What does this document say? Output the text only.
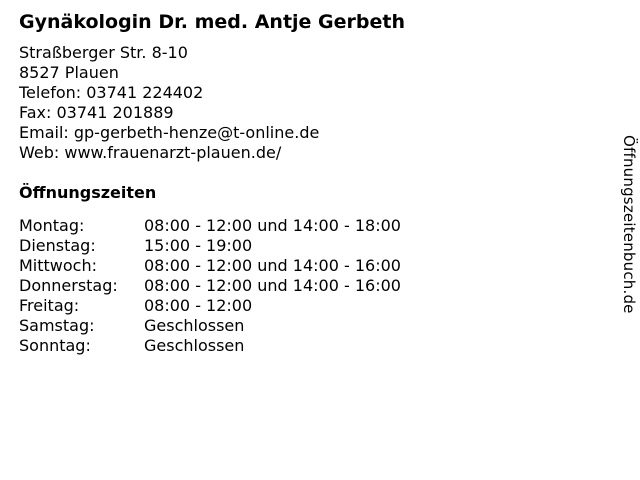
Gynäkologin Dr. med. Antje Gerbeth
Straßberger Str. 8-10
8527 Plauen
Telefon: 03741 224402
Fax: 03741 201889
Email: gp-gerbeth-henze@t-online.de
Web: www.frauenarzt-plauen.de/
Öffnungszeiten
Montag:	08:00 - 12:00 und 14:00 - 18:00
Dienstag:	15:00 - 19:00
Mittwoch:	08:00 - 12:00 und 14:00 - 16:00
Donnerstag:	08:00 - 12:00 und 14:00 - 16:00
Freitag:	08:00 - 12:00
Samstag:	Geschlossen
Sonntag:	Geschlossen
Öffnungszeitenbuch.de
